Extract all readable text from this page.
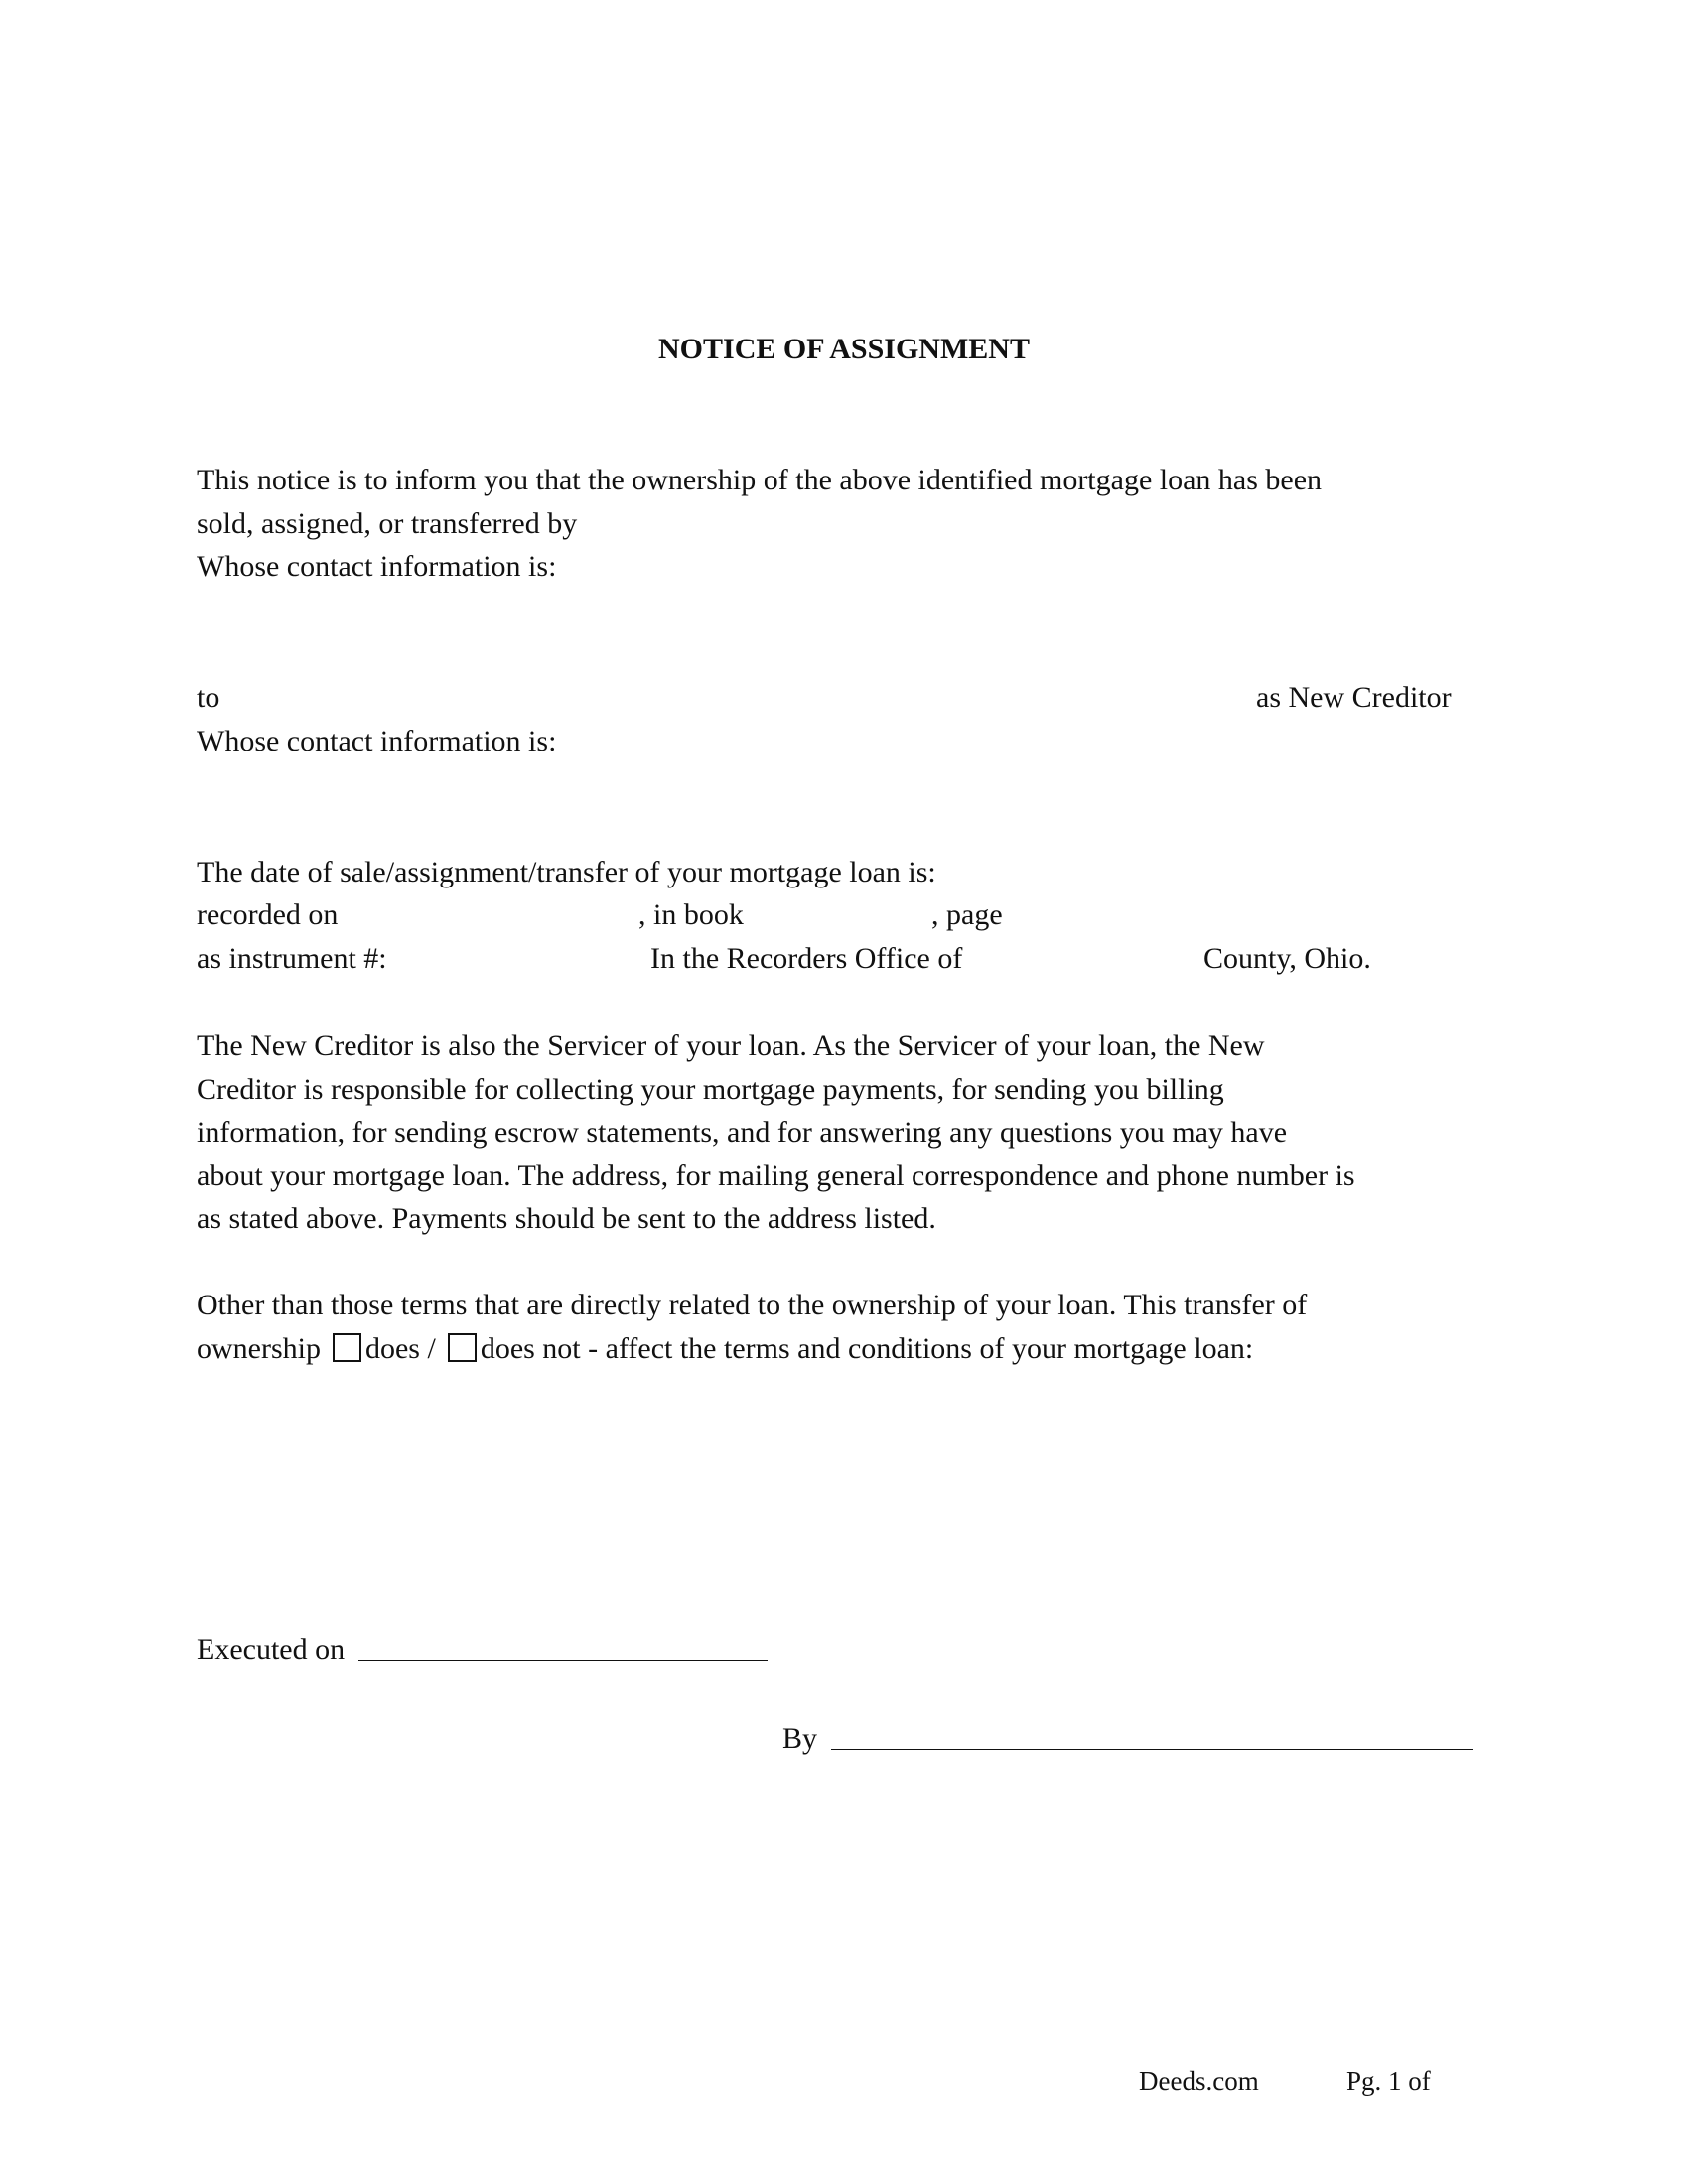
NOTICE OF ASSIGNMENT
This notice is to inform you that the ownership of the above identified mortgage loan has been
sold, assigned, or transferred by
Whose contact information is:
to	as New Creditor
Whose contact information is:
The date of sale/assignment/transfer of your mortgage loan is:
recorded on	, in book	, page
as instrument #:	In the Recorders Office of	County, Ohio.
The New Creditor is also the Servicer of your loan. As the Servicer of your loan, the New
Creditor is responsible for collecting your mortgage payments, for sending you billing
information, for sending escrow statements, and for answering any questions you may have
about your mortgage loan. The address, for mailing general correspondence and phone number is
as stated above. Payments should be sent to the address listed.
Other than those terms that are directly related to the ownership of your loan. This transfer of
ownership does / does not - affect the terms and conditions of your mortgage loan:
Executed on
By
Deeds.com	Pg. 1 of
